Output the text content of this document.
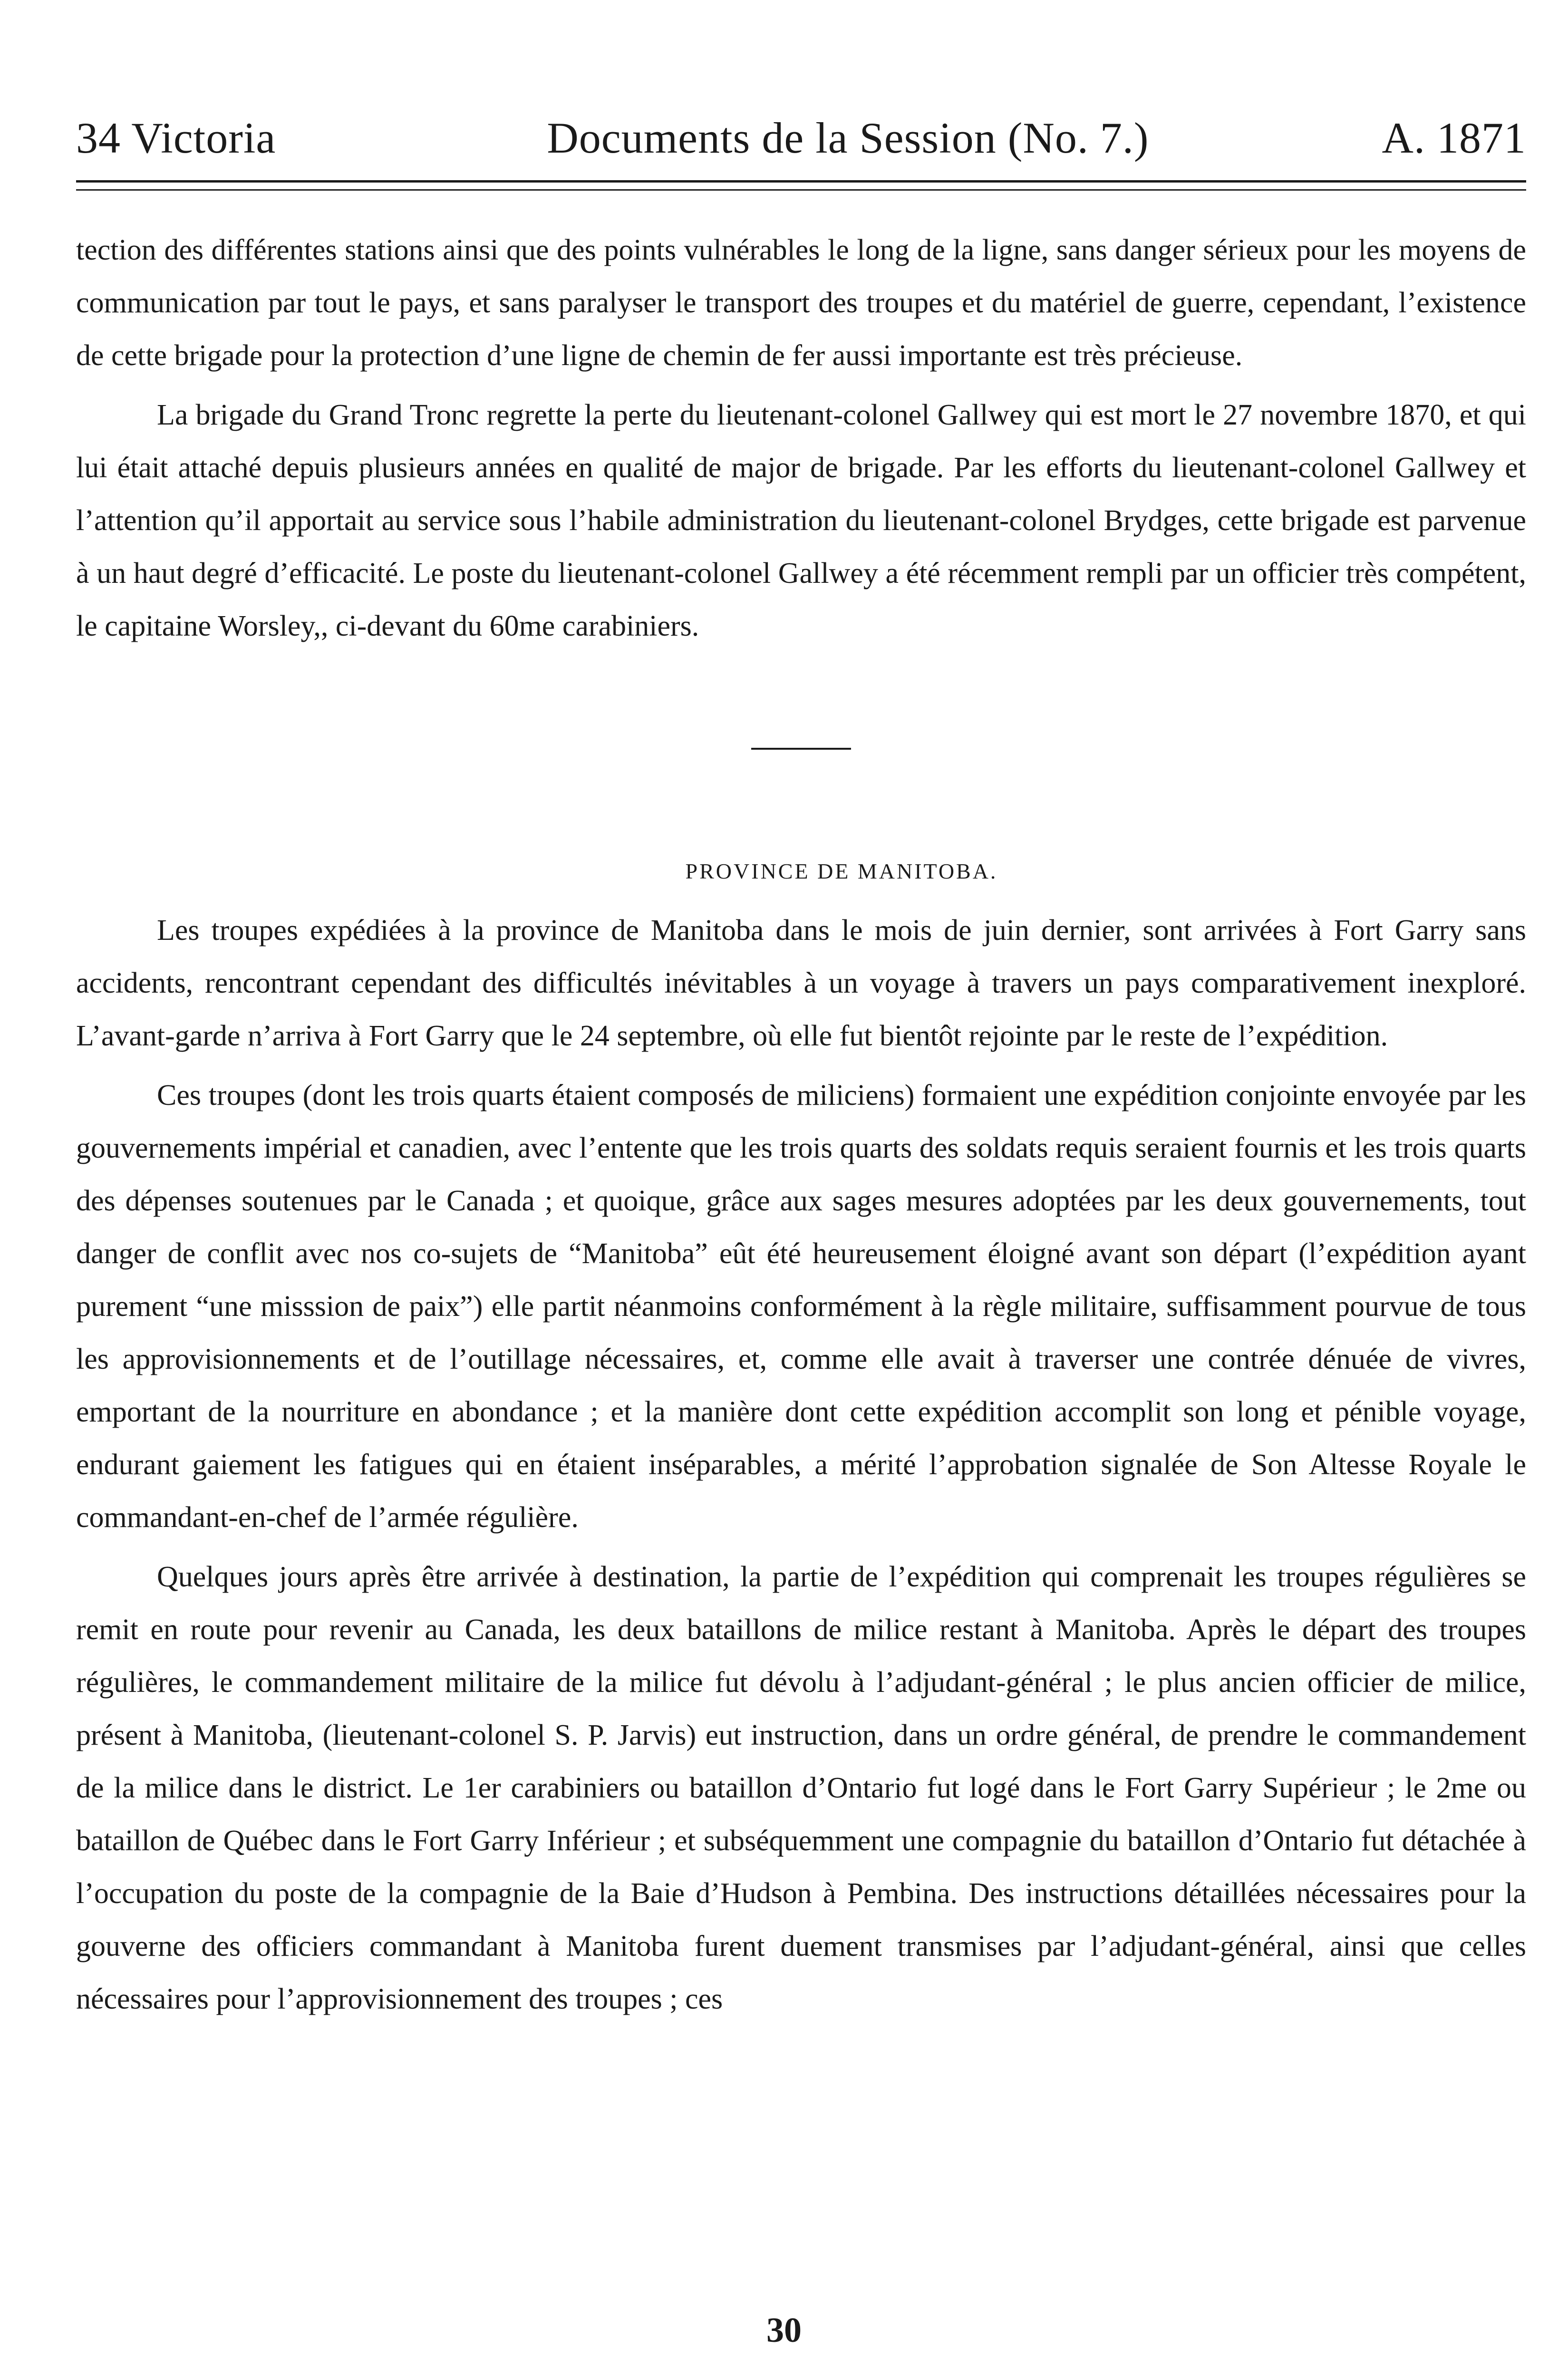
34 Victoria	Documents de la Session (No. 7.)	A. 1871

tection des différentes stations ainsi que des points vulnérables le long de la ligne, sans danger sérieux pour les moyens de communication par tout le pays, et sans paralyser le transport des troupes et du matériel de guerre, cependant, l’existence de cette brigade pour la protection d’une ligne de chemin de fer aussi importante est très précieuse.

La brigade du Grand Tronc regrette la perte du lieutenant-colonel Gallwey qui est mort le 27 novembre 1870, et qui lui était attaché depuis plusieurs années en qualité de major de brigade. Par les efforts du lieutenant-colonel Gallwey et l’attention qu’il apportait au service sous l’habile administration du lieutenant-colonel Brydges, cette brigade est parvenue à un haut degré d’efficacité. Le poste du lieutenant-colonel Gallwey a été récemment rempli par un officier très compétent, le capitaine Worsley,, ci-devant du 60me carabiniers.

PROVINCE DE MANITOBA.

Les troupes expédiées à la province de Manitoba dans le mois de juin dernier, sont arrivées à Fort Garry sans accidents, rencontrant cependant des difficultés inévitables à un voyage à travers un pays comparativement inexploré. L’avant-garde n’arriva à Fort Garry que le 24 septembre, où elle fut bientôt rejointe par le reste de l’expédition.

Ces troupes (dont les trois quarts étaient composés de miliciens) formaient une expédition conjointe envoyée par les gouvernements impérial et canadien, avec l’entente que les trois quarts des soldats requis seraient fournis et les trois quarts des dépenses soutenues par le Canada ; et quoique, grâce aux sages mesures adoptées par les deux gouvernements, tout danger de conflit avec nos co-sujets de “Manitoba” eût été heureusement éloigné avant son départ (l’expédition ayant purement “une misssion de paix”) elle partit néanmoins conformément à la règle militaire, suffisamment pourvue de tous les approvisionnements et de l’outillage nécessaires, et, comme elle avait à traverser une contrée dénuée de vivres, emportant de la nourriture en abondance ; et la manière dont cette expédition accomplit son long et pénible voyage, endurant gaiement les fatigues qui en étaient inséparables, a mérité l’approbation signalée de Son Altesse Royale le commandant-en-chef de l’armée régulière.

Quelques jours après être arrivée à destination, la partie de l’expédition qui comprenait les troupes régulières se remit en route pour revenir au Canada, les deux bataillons de milice restant à Manitoba. Après le départ des troupes régulières, le commandement militaire de la milice fut dévolu à l’adjudant-général ; le plus ancien officier de milice, présent à Manitoba, (lieutenant-colonel S. P. Jarvis) eut instruction, dans un ordre général, de prendre le commandement de la milice dans le district. Le 1er carabiniers ou bataillon d’Ontario fut logé dans le Fort Garry Supérieur ; le 2me ou bataillon de Québec dans le Fort Garry Inférieur ; et subséquemment une compagnie du bataillon d’Ontario fut détachée à l’occupation du poste de la compagnie de la Baie d’Hudson à Pembina. Des instructions détaillées nécessaires pour la gouverne des officiers commandant à Manitoba furent duement transmises par l’adjudant-général, ainsi que celles nécessaires pour l’approvisionnement des troupes ; ces

30
